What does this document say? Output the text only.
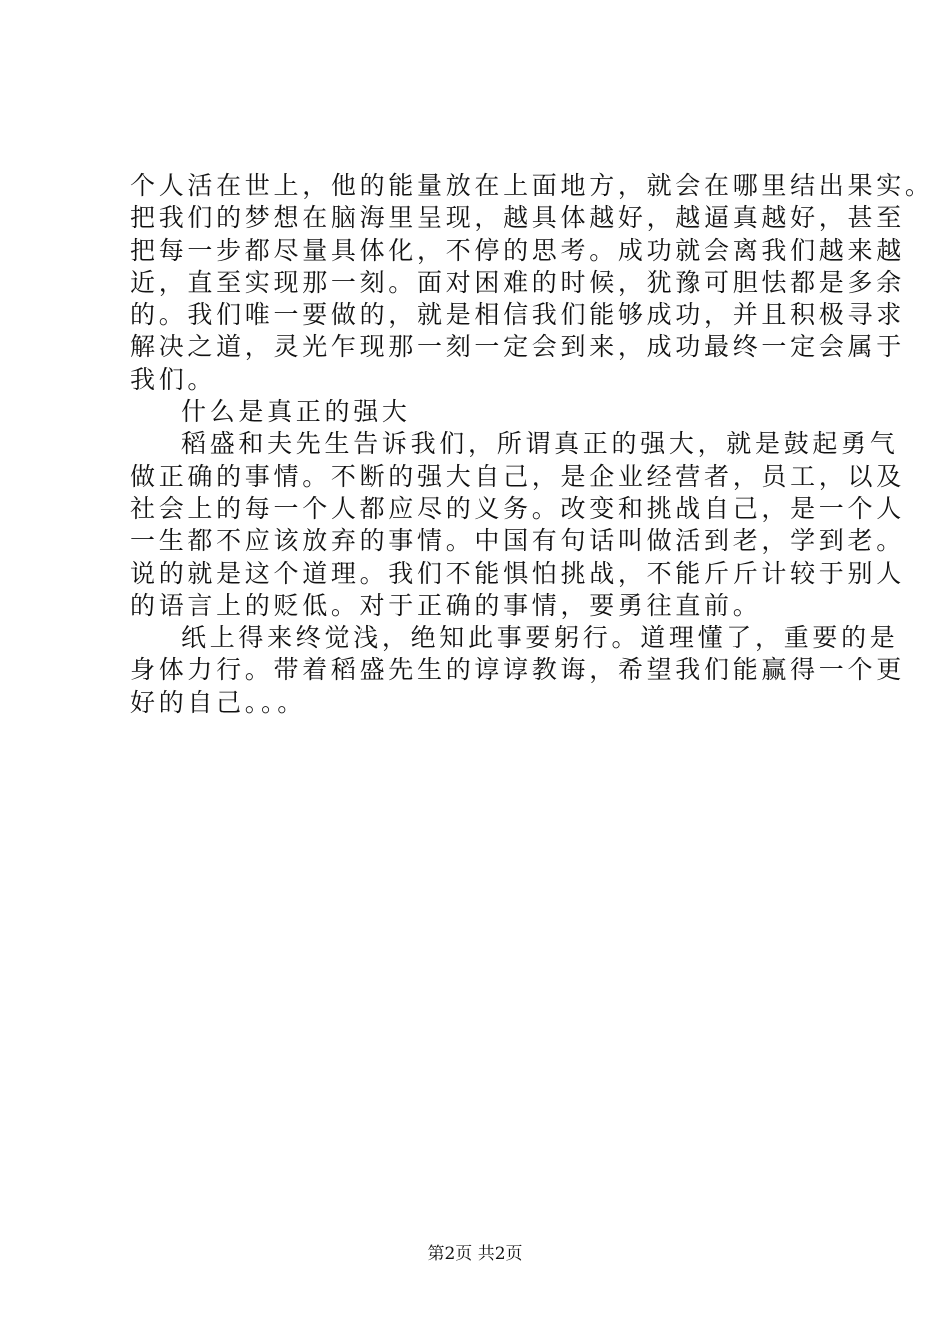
个人活在世上，他的能量放在上面地方，就会在哪里结出果实。
把我们的梦想在脑海里呈现，越具体越好，越逼真越好，甚至
把每一步都尽量具体化，不停的思考。成功就会离我们越来越
近，直至实现那一刻。面对困难的时候，犹豫可胆怯都是多余
的。我们唯一要做的，就是相信我们能够成功，并且积极寻求
解决之道，灵光乍现那一刻一定会到来，成功最终一定会属于
我们。
什么是真正的强大
稻盛和夫先生告诉我们，所谓真正的强大，就是鼓起勇气
做正确的事情。不断的强大自己，是企业经营者，员工，以及
社会上的每一个人都应尽的义务。改变和挑战自己，是一个人
一生都不应该放弃的事情。中国有句话叫做活到老，学到老。
说的就是这个道理。我们不能惧怕挑战，不能斤斤计较于别人
的语言上的贬低。对于正确的事情，要勇往直前。
纸上得来终觉浅，绝知此事要躬行。道理懂了，重要的是
身体力行。带着稻盛先生的谆谆教诲，希望我们能赢得一个更
好的自己。。。
第2页 共2页
